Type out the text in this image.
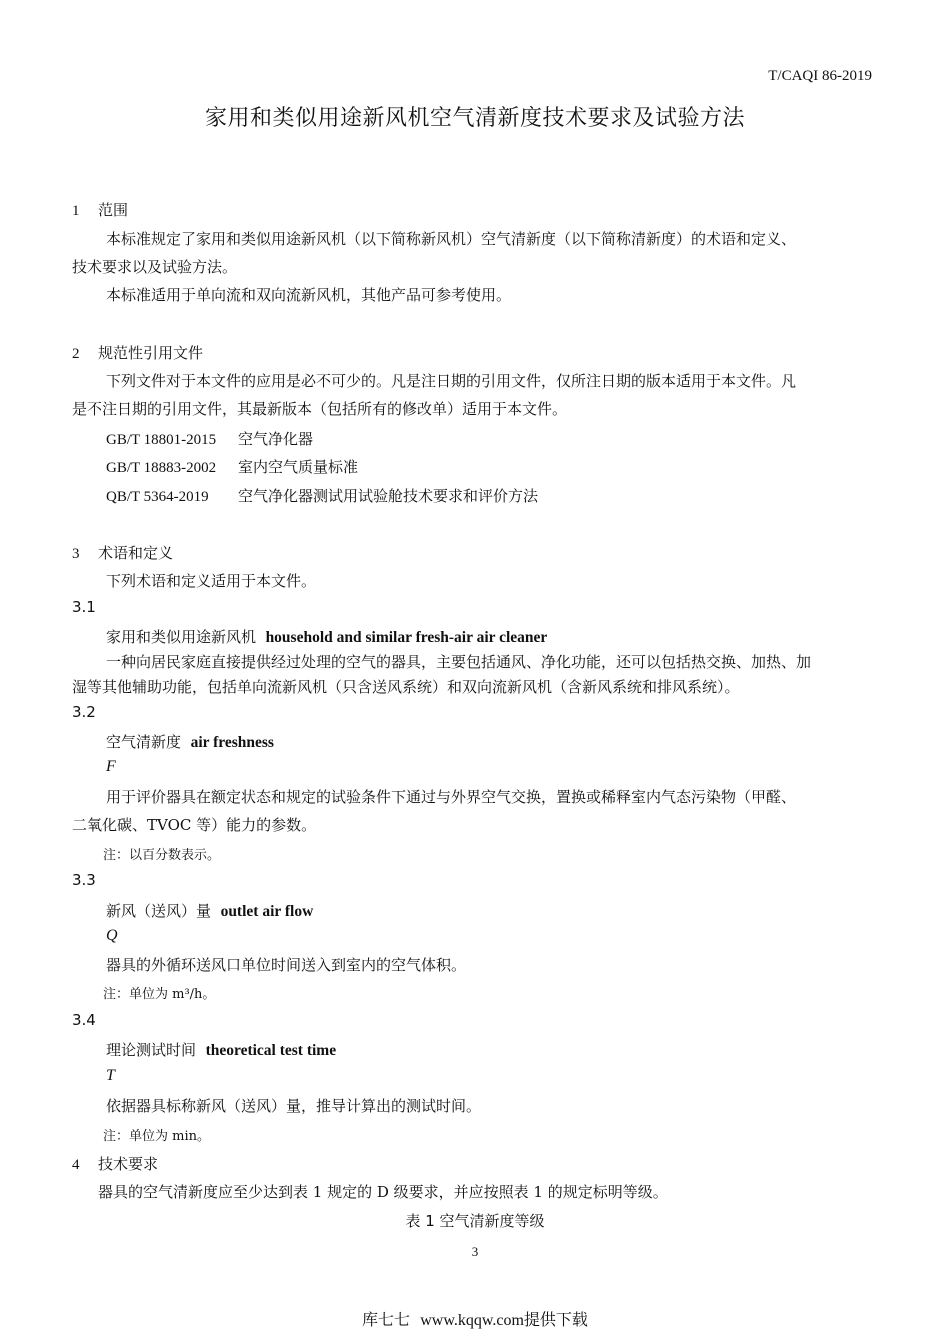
T/CAQI 86-2019
家用和类似用途新风机空气清新度技术要求及试验方法
1 范围
本标准规定了家用和类似用途新风机（以下简称新风机）空气清新度（以下简称清新度）的术语和定义、
技术要求以及试验方法。
本标准适用于单向流和双向流新风机，其他产品可参考使用。
2 规范性引用文件
下列文件对于本文件的应用是必不可少的。凡是注日期的引用文件，仅所注日期的版本适用于本文件。凡
是不注日期的引用文件，其最新版本（包括所有的修改单）适用于本文件。
GB/T 18801-2015 空气净化器
GB/T 18883-2002 室内空气质量标准
QB/T 5364-2019 空气净化器测试用试验舱技术要求和评价方法
3 术语和定义
下列术语和定义适用于本文件。
3.1
家用和类似用途新风机 household and similar fresh-air air cleaner
一种向居民家庭直接提供经过处理的空气的器具，主要包括通风、净化功能，还可以包括热交换、加热、加
湿等其他辅助功能，包括单向流新风机（只含送风系统）和双向流新风机（含新风系统和排风系统）。
3.2
空气清新度 air freshness
F
用于评价器具在额定状态和规定的试验条件下通过与外界空气交换，置换或稀释室内气态污染物（甲醛、
二氧化碳、TVOC 等）能力的参数。
注：以百分数表示。
3.3
新风（送风）量 outlet air flow
Q
器具的外循环送风口单位时间送入到室内的空气体积。
注：单位为 m³/h。
3.4
理论测试时间 theoretical test time
T
依据器具标称新风（送风）量，推导计算出的测试时间。
注：单位为 min。
4 技术要求
器具的空气清新度应至少达到表 1 规定的 D 级要求，并应按照表 1 的规定标明等级。
表 1 空气清新度等级
3
库七七 www.kqqw.com提供下载
